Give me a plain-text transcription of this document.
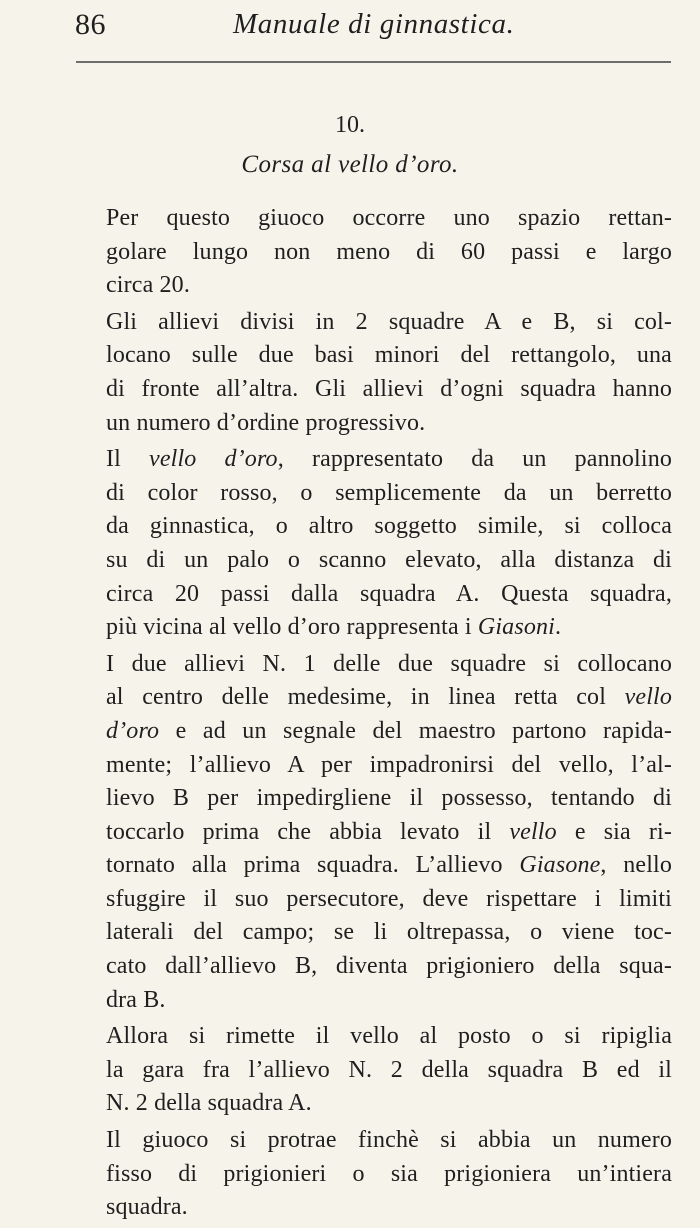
86	Manuale di ginnastica.
10.
Corsa al vello d’oro.

Per questo giuoco occorre uno spazio rettan-
golare lungo non meno di 60 passi e largo
circa 20.

Gli allievi divisi in 2 squadre A e B, si col-
locano sulle due basi minori del rettangolo, una
di fronte all’altra. Gli allievi d’ogni squadra hanno
un numero d’ordine progressivo.

Il vello d’oro, rappresentato da un pannolino
di color rosso, o semplicemente da un berretto
da ginnastica, o altro soggetto simile, si colloca
su di un palo o scanno elevato, alla distanza di
circa 20 passi dalla squadra A. Questa squadra,
più vicina al vello d’oro rappresenta i Giasoni.

I due allievi N. 1 delle due squadre si collocano
al centro delle medesime, in linea retta col vello
d’oro e ad un segnale del maestro partono rapida-
mente; l’allievo A per impadronirsi del vello, l’al-
lievo B per impedirgliene il possesso, tentando di
toccarlo prima che abbia levato il vello e sia ri-
tornato alla prima squadra. L’allievo Giasone, nello
sfuggire il suo persecutore, deve rispettare i limiti
laterali del campo; se li oltrepassa, o viene toc-
cato dall’allievo B, diventa prigioniero della squa-
dra B.

Allora si rimette il vello al posto o si ripiglia
la gara fra l’allievo N. 2 della squadra B ed il
N. 2 della squadra A.

Il giuoco si protrae finchè si abbia un numero
fisso di prigionieri o sia prigioniera un’intiera
squadra.
